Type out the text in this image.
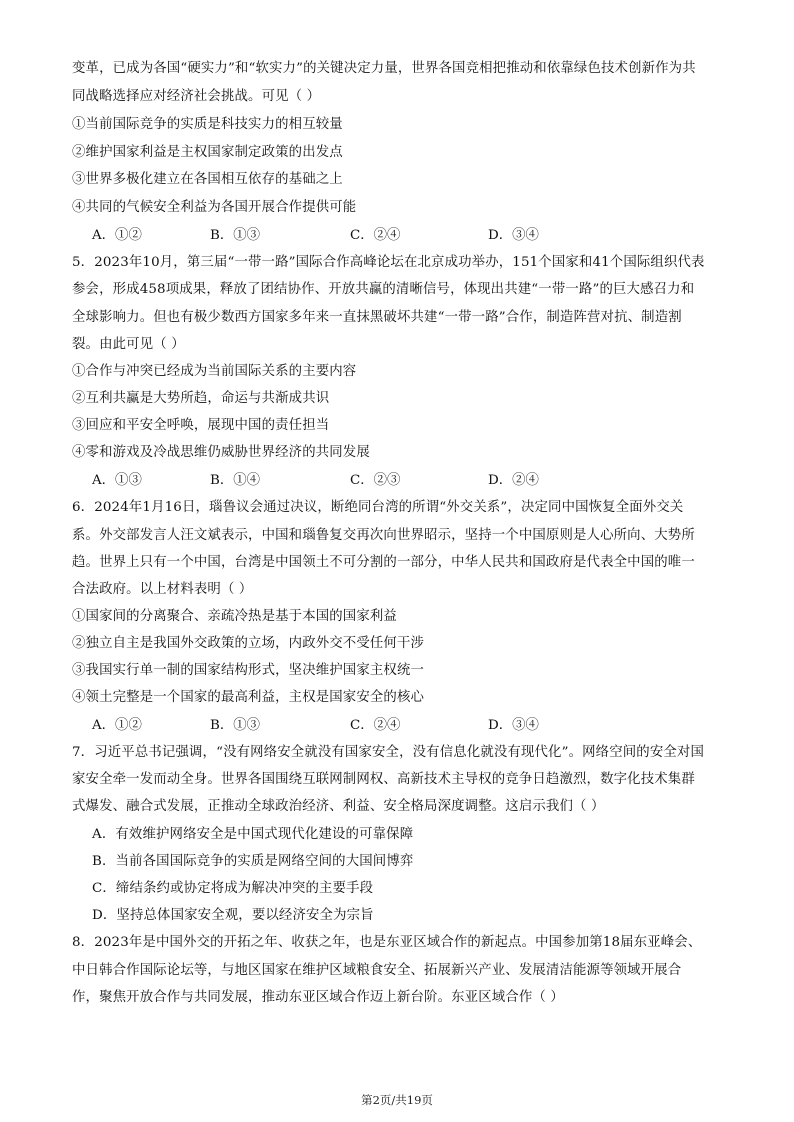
变革，已成为各国“硬实力”和“软实力”的关键决定力量，世界各国竞相把推动和依靠绿色技术创新作为共
同战略选择应对经济社会挑战。可见（ ）
①当前国际竞争的实质是科技实力的相互较量
②维护国家利益是主权国家制定政策的出发点
③世界多极化建立在各国相互依存的基础之上
④共同的气候安全利益为各国开展合作提供可能
A．①②	B．①③	C．②④	D．③④
5．2023年10月，第三届“一带一路”国际合作高峰论坛在北京成功举办，151个国家和41个国际组织代表
参会，形成458项成果，释放了团结协作、开放共赢的清晰信号，体现出共建“一带一路”的巨大感召力和
全球影响力。但也有极少数西方国家多年来一直抹黑破坏共建“一带一路”合作，制造阵营对抗、制造割
裂。由此可见（ ）
①合作与冲突已经成为当前国际关系的主要内容
②互利共赢是大势所趋，命运与共渐成共识
③回应和平安全呼唤，展现中国的责任担当
④零和游戏及冷战思维仍威胁世界经济的共同发展
A．①③	B．①④	C．②③	D．②④
6．2024年1月16日，瑙鲁议会通过决议，断绝同台湾的所谓“外交关系”，决定同中国恢复全面外交关
系。外交部发言人汪文斌表示，中国和瑙鲁复交再次向世界昭示，坚持一个中国原则是人心所向、大势所
趋。世界上只有一个中国，台湾是中国领土不可分割的一部分，中华人民共和国政府是代表全中国的唯一
合法政府。以上材料表明（ ）
①国家间的分离聚合、亲疏冷热是基于本国的国家利益
②独立自主是我国外交政策的立场，内政外交不受任何干涉
③我国实行单一制的国家结构形式，坚决维护国家主权统一
④领土完整是一个国家的最高利益，主权是国家安全的核心
A．①②	B．①③	C．②④	D．③④
7．习近平总书记强调，“没有网络安全就没有国家安全，没有信息化就没有现代化”。网络空间的安全对国
家安全牵一发而动全身。世界各国围绕互联网制网权、高新技术主导权的竞争日趋激烈，数字化技术集群
式爆发、融合式发展，正推动全球政治经济、利益、安全格局深度调整。这启示我们（ ）
A．有效维护网络安全是中国式现代化建设的可靠保障
B．当前各国国际竞争的实质是网络空间的大国间博弈
C．缔结条约或协定将成为解决冲突的主要手段
D．坚持总体国家安全观，要以经济安全为宗旨
8．2023年是中国外交的开拓之年、收获之年，也是东亚区域合作的新起点。中国参加第18届东亚峰会、
中日韩合作国际论坛等，与地区国家在维护区域粮食安全、拓展新兴产业、发展清洁能源等领域开展合
作，聚焦开放合作与共同发展，推动东亚区域合作迈上新台阶。东亚区域合作（ ）
第2页/共19页
